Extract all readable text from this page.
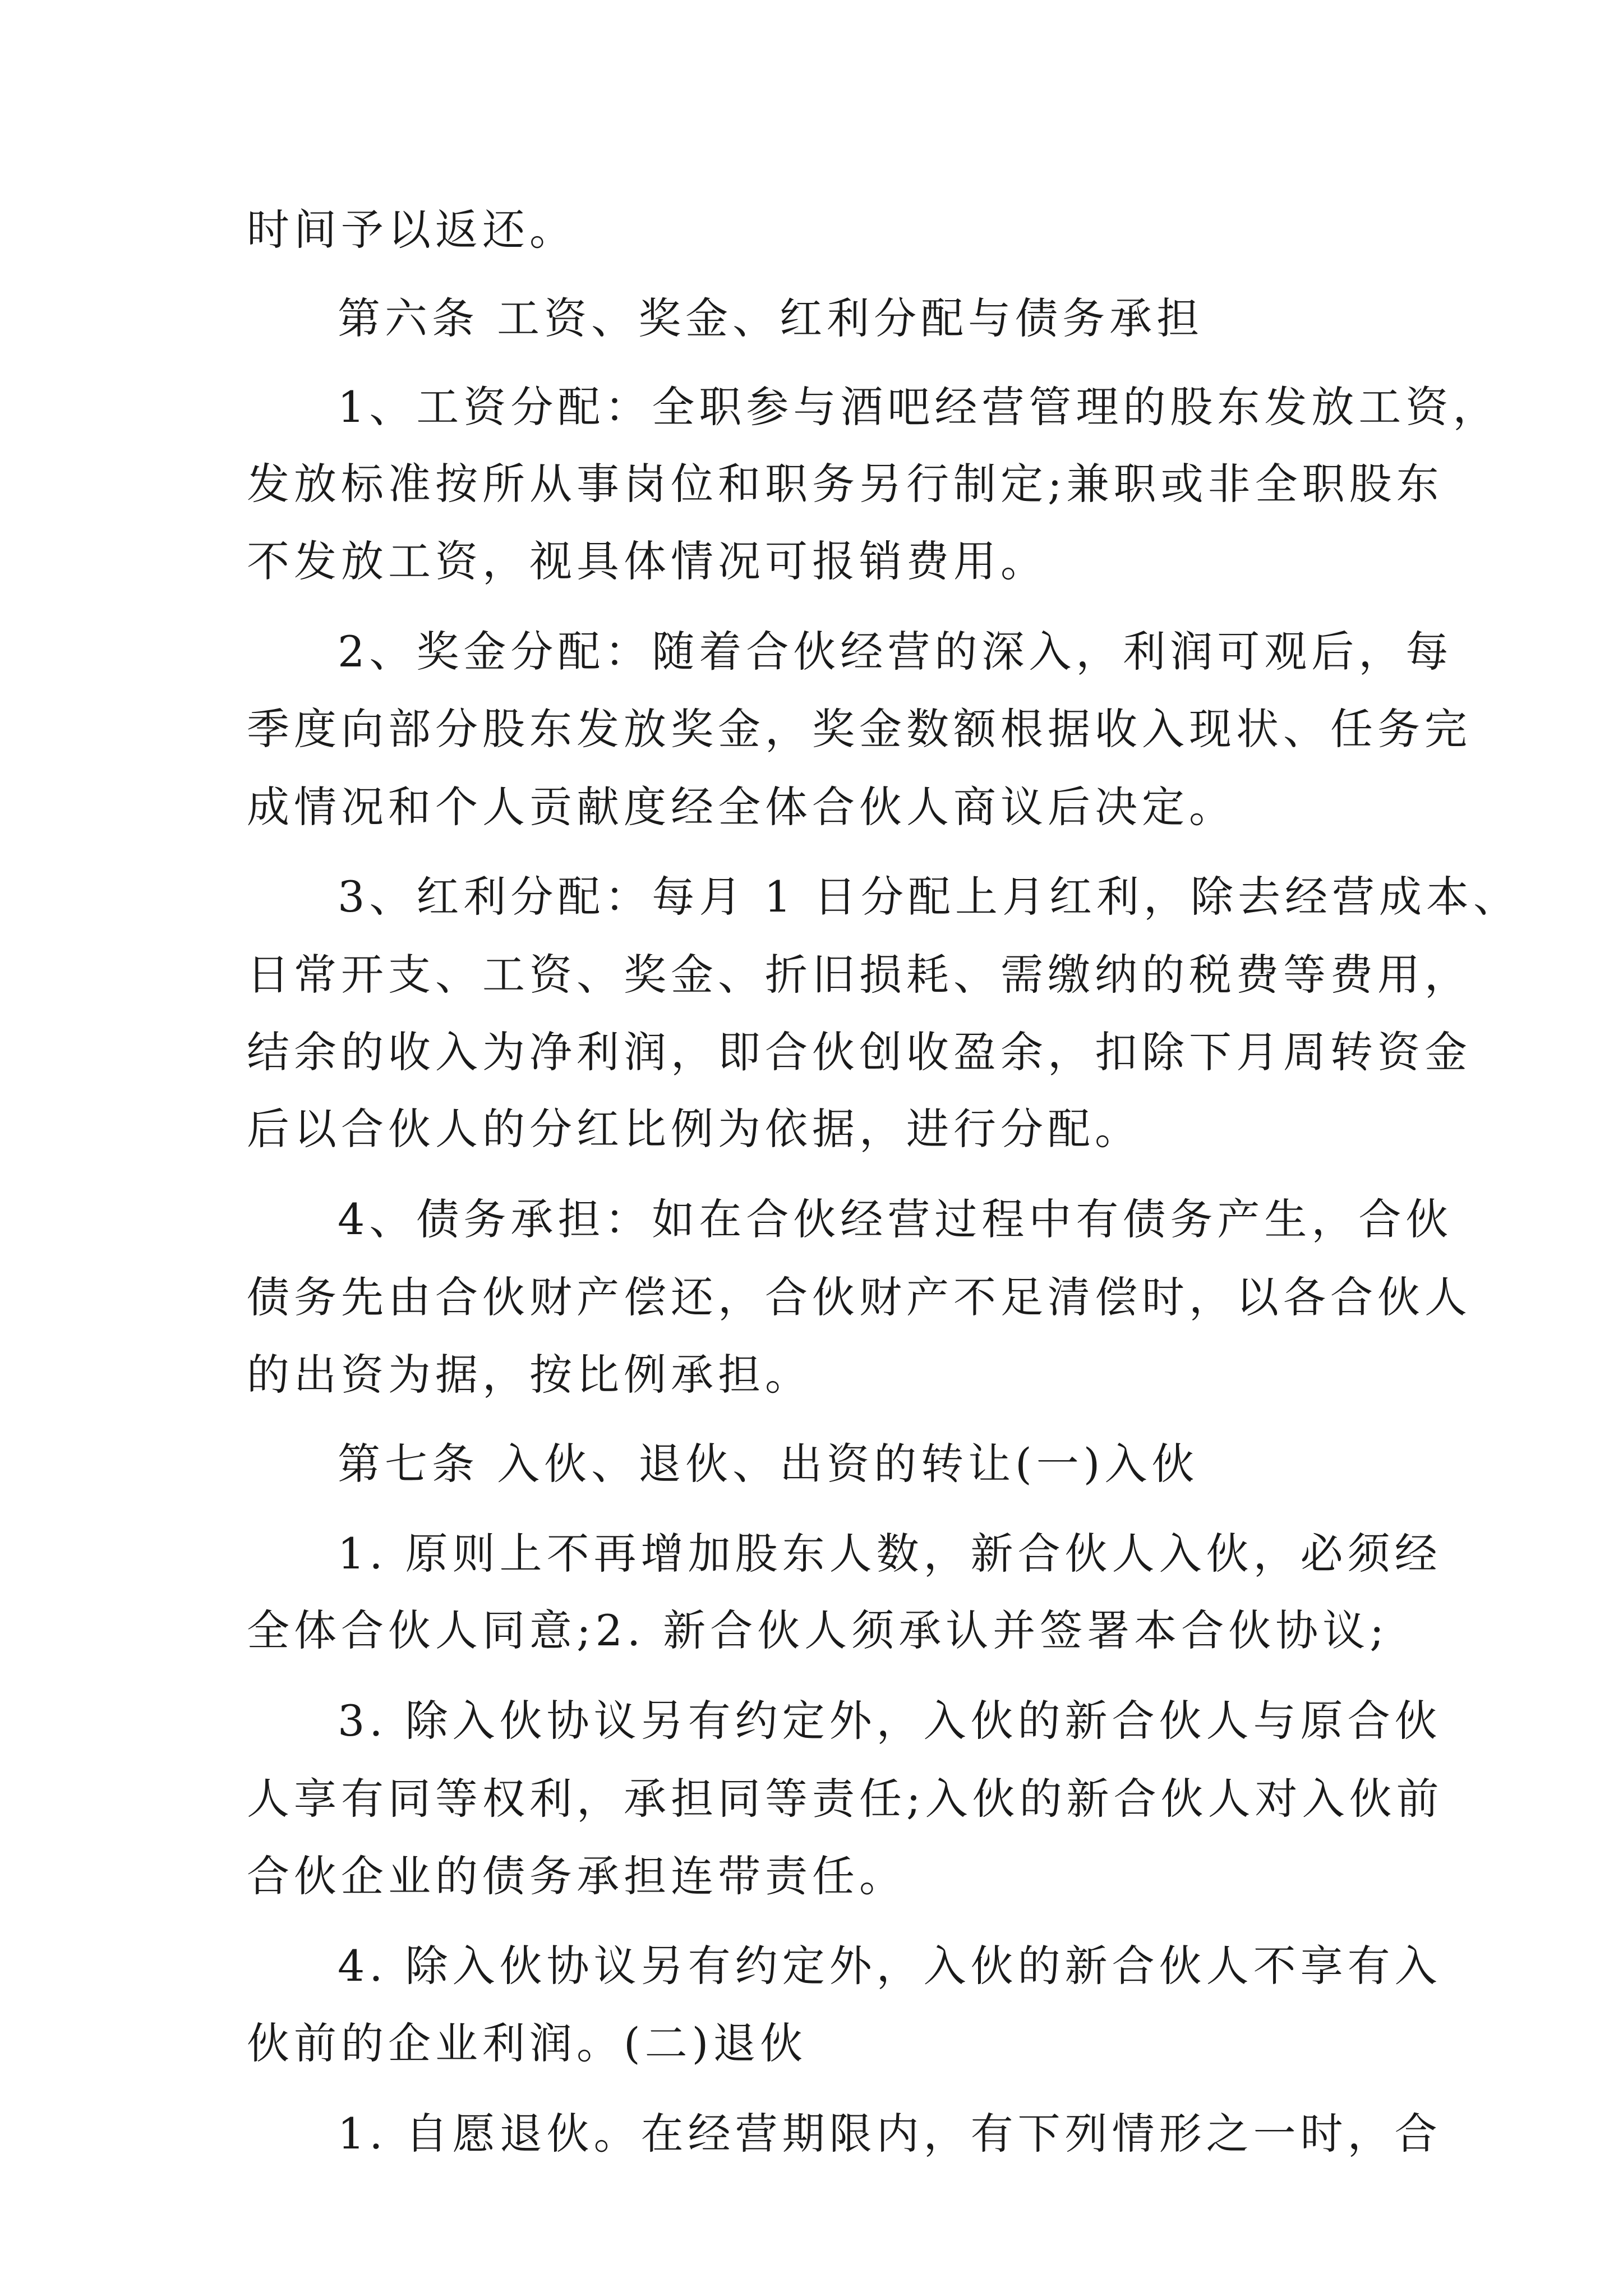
时间予以返还。
第六条 工资、奖金、红利分配与债务承担
1、工资分配：全职参与酒吧经营管理的股东发放工资，
发放标准按所从事岗位和职务另行制定;兼职或非全职股东
不发放工资，视具体情况可报销费用。
2、奖金分配：随着合伙经营的深入，利润可观后，每
季度向部分股东发放奖金，奖金数额根据收入现状、任务完
成情况和个人贡献度经全体合伙人商议后决定。
3、红利分配：每月 1 日分配上月红利，除去经营成本、
日常开支、工资、奖金、折旧损耗、需缴纳的税费等费用，
结余的收入为净利润，即合伙创收盈余，扣除下月周转资金
后以合伙人的分红比例为依据，进行分配。
4、债务承担：如在合伙经营过程中有债务产生，合伙
债务先由合伙财产偿还，合伙财产不足清偿时，以各合伙人
的出资为据，按比例承担。
第七条 入伙、退伙、出资的转让(一)入伙
1. 原则上不再增加股东人数，新合伙人入伙，必须经
全体合伙人同意;2. 新合伙人须承认并签署本合伙协议;
3. 除入伙协议另有约定外，入伙的新合伙人与原合伙
人享有同等权利，承担同等责任;入伙的新合伙人对入伙前
合伙企业的债务承担连带责任。
4. 除入伙协议另有约定外，入伙的新合伙人不享有入
伙前的企业利润。(二)退伙
1. 自愿退伙。在经营期限内，有下列情形之一时，合
